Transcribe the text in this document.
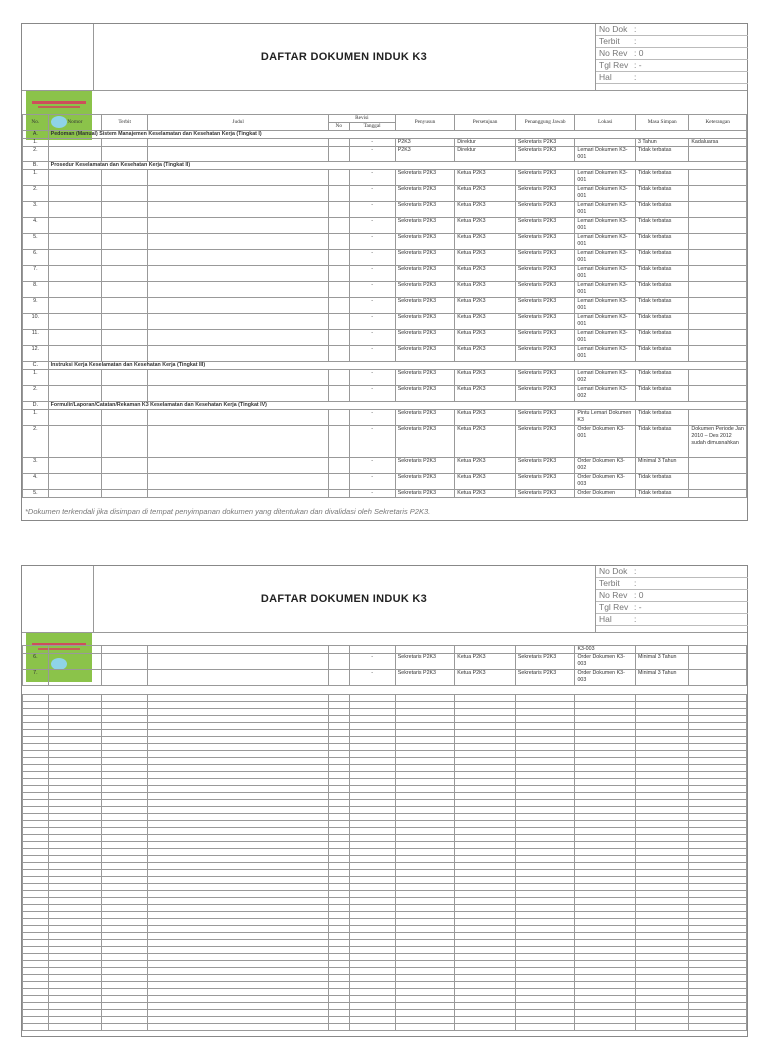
DAFTAR DOKUMEN INDUK K3
No Dok :
Terbit :
No Rev : 0
Tgl Rev : -
Hal	:
No.	Nomor	Terbit	Judul	Revisi		Penyusun	Persetujuan	Penanggung Jawab	Lokasi	Masa Simpan	Keterangan
				No	Tanggal						
A.	Pedoman (Manual) Sistem Manajemen Keselamatan dan Kesehatan Kerja (Tingkat I)										
1.					-	P2K3	Direktur	Sekretaris P2K3		3 Tahun	Kadaluarsa
2.					-	P2K3	Direktur	Sekretaris P2K3	Lemari Dokumen K3-001	Tidak terbatas	
B.	Prosedur Keselamatan dan Kesehatan Kerja (Tingkat II)										
1.					-	Sekretaris P2K3	Ketua P2K3	Sekretaris P2K3	Lemari Dokumen K3-001	Tidak terbatas	
2.					-	Sekretaris P2K3	Ketua P2K3	Sekretaris P2K3	Lemari Dokumen K3-001	Tidak terbatas	
3.					-	Sekretaris P2K3	Ketua P2K3	Sekretaris P2K3	Lemari Dokumen K3-001	Tidak terbatas	
4.					-	Sekretaris P2K3	Ketua P2K3	Sekretaris P2K3	Lemari Dokumen K3-001	Tidak terbatas	
5.					-	Sekretaris P2K3	Ketua P2K3	Sekretaris P2K3	Lemari Dokumen K3-001	Tidak terbatas	
6.					-	Sekretaris P2K3	Ketua P2K3	Sekretaris P2K3	Lemari Dokumen K3-001	Tidak terbatas	
7.					-	Sekretaris P2K3	Ketua P2K3	Sekretaris P2K3	Lemari Dokumen K3-001	Tidak terbatas	
8.					-	Sekretaris P2K3	Ketua P2K3	Sekretaris P2K3	Lemari Dokumen K3-001	Tidak terbatas	
9.					-	Sekretaris P2K3	Ketua P2K3	Sekretaris P2K3	Lemari Dokumen K3-001	Tidak terbatas	
10.					-	Sekretaris P2K3	Ketua P2K3	Sekretaris P2K3	Lemari Dokumen K3-001	Tidak terbatas	
11.					-	Sekretaris P2K3	Ketua P2K3	Sekretaris P2K3	Lemari Dokumen K3-001	Tidak terbatas	
12.					-	Sekretaris P2K3	Ketua P2K3	Sekretaris P2K3	Lemari Dokumen K3-001	Tidak terbatas	
C.	Instruksi Kerja Keselamatan dan Kesehatan Kerja (Tingkat III)										
1.					-	Sekretaris P2K3	Ketua P2K3	Sekretaris P2K3	Lemari Dokumen K3-002	Tidak terbatas	
2.					-	Sekretaris P2K3	Ketua P2K3	Sekretaris P2K3	Lemari Dokumen K3-002	Tidak terbatas	
D.	Formulir/Laporan/Catatan/Rekaman K3 Keselamatan dan Kesehatan Kerja (Tingkat IV)										
1.					-	Sekretaris P2K3	Ketua P2K3	Sekretaris P2K3	Pintu Lemari Dokumen K3	Tidak terbatas	
2.					-	Sekretaris P2K3	Ketua P2K3	Sekretaris P2K3	Order Dokumen K3-001	Tidak terbatas	Dokumen Periode Jan 2010 – Des 2012 sudah dimusnahkan
3.					-	Sekretaris P2K3	Ketua P2K3	Sekretaris P2K3	Order Dokumen K3-002	Minimal 3 Tahun	
4.					-	Sekretaris P2K3	Ketua P2K3	Sekretaris P2K3	Order Dokumen K3-003	Tidak terbatas	
5.					-	Sekretaris P2K3	Ketua P2K3	Sekretaris P2K3	Order Dokumen	Tidak terbatas	
*Dokumen terkendali jika disimpan di tempat penyimpanan dokumen yang ditentukan dan divalidasi oleh Sekretaris P2K3.
DAFTAR DOKUMEN INDUK K3
No Dok :
Terbit :
No Rev : 0
Tgl Rev : -
Hal	:
									K3-003		
6.					-	Sekretaris P2K3	Ketua P2K3	Sekretaris P2K3	Order Dokumen K3-003	Minimal 3 Tahun	
7.					-	Sekretaris P2K3	Ketua P2K3	Sekretaris P2K3	Order Dokumen K3-003	Minimal 3 Tahun	
